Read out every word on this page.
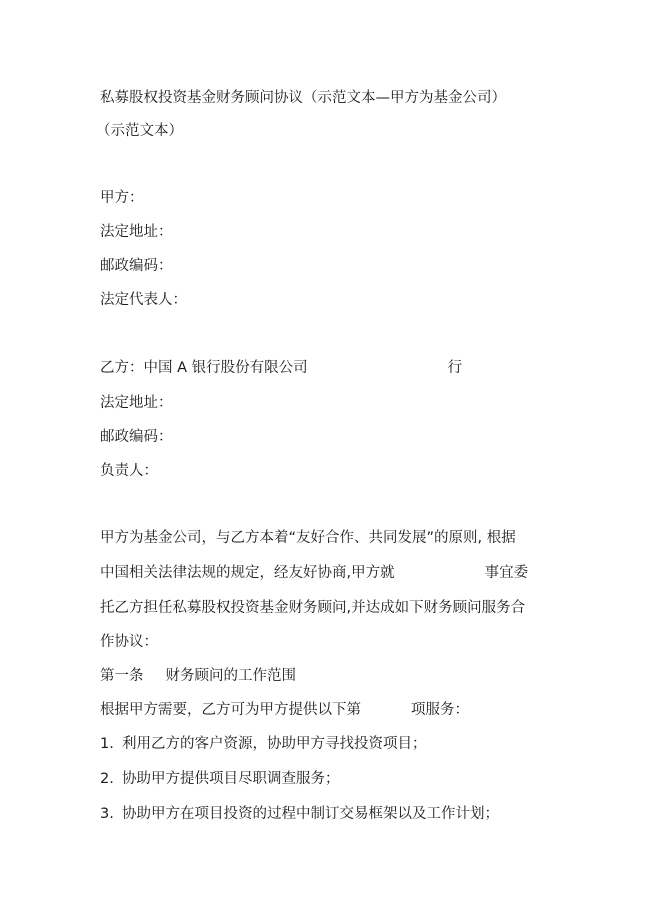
私募股权投资基金财务顾问协议（示范文本—甲方为基金公司）
（示范文本）
甲方：
法定地址：
邮政编码：
法定代表人：
乙方：中国 A 银行股份有限公司	行
法定地址：
邮政编码：
负责人：
甲方为基金公司，与乙方本着“友好合作、共同发展”的原则, 根据
中国相关法律法规的规定，经友好协商,甲方就	事宜委
托乙方担任私募股权投资基金财务顾问,并达成如下财务顾问服务合
作协议：
第一条 财务顾问的工作范围
根据甲方需要，乙方可为甲方提供以下第	项服务：
1. 利用乙方的客户资源，协助甲方寻找投资项目；
2. 协助甲方提供项目尽职调查服务；
3. 协助甲方在项目投资的过程中制订交易框架以及工作计划；
